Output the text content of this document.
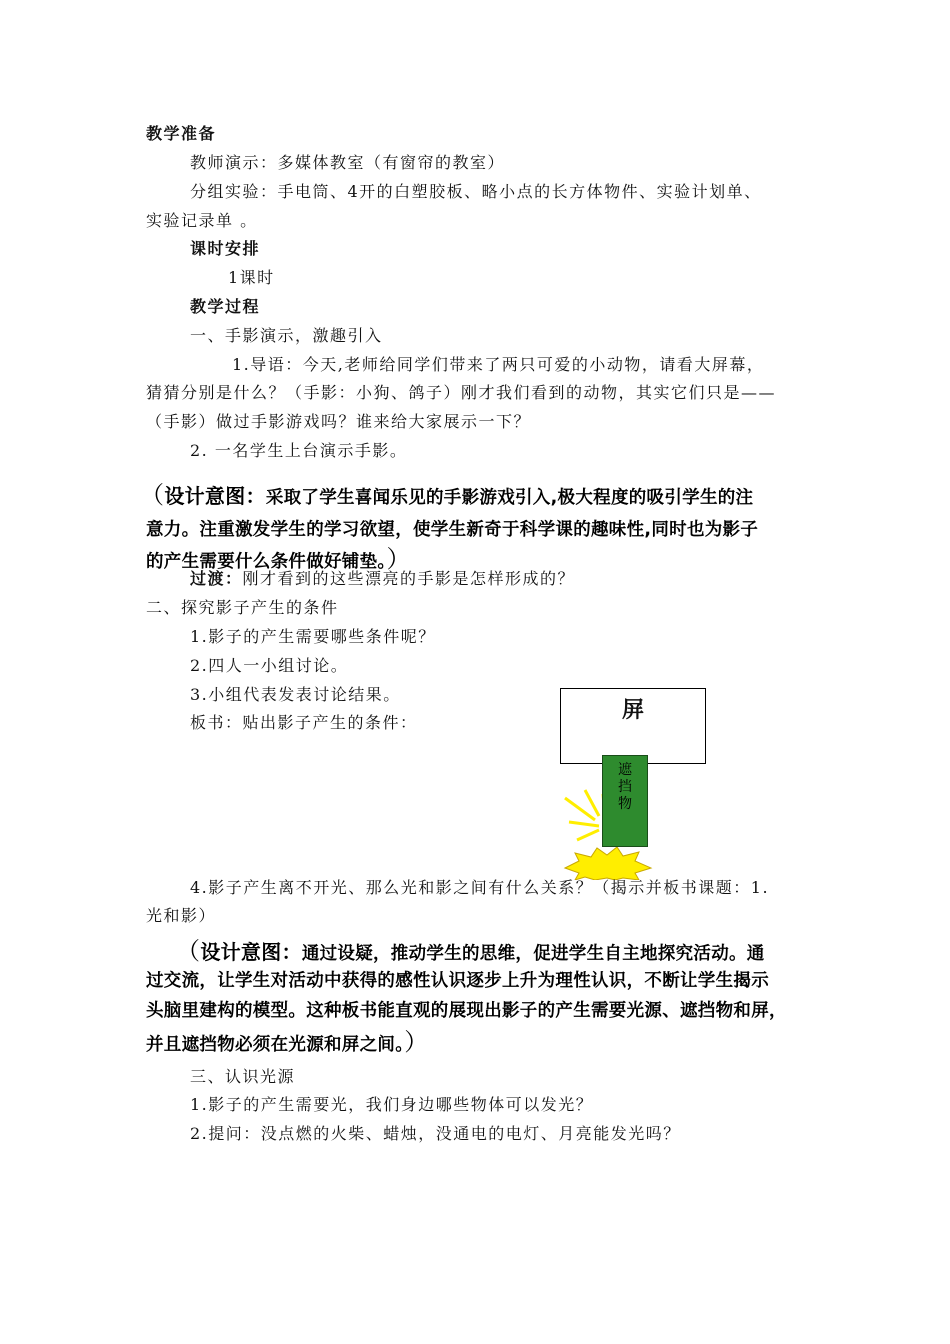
教学准备
教师演示：多媒体教室（有窗帘的教室）
分组实验：手电筒、4开的白塑胶板、略小点的长方体物件、实验计划单、
实验记录单 。
课时安排
1课时
教学过程
一、手影演示，激趣引入
1.导语：今天,老师给同学们带来了两只可爱的小动物，请看大屏幕，
猜猜分别是什么？（手影：小狗、鸽子）刚才我们看到的动物，其实它们只是——
（手影）做过手影游戏吗？谁来给大家展示一下？
2. 一名学生上台演示手影。
（设计意图：采取了学生喜闻乐见的手影游戏引入,极大程度的吸引学生的注
意力。注重激发学生的学习欲望，使学生新奇于科学课的趣味性,同时也为影子
的产生需要什么条件做好铺垫。）
过渡：刚才看到的这些漂亮的手影是怎样形成的？
二、探究影子产生的条件
1.影子的产生需要哪些条件呢？
2.四人一小组讨论。
3.小组代表发表讨论结果。
板书：贴出影子产生的条件：	屏
遮
挡
物
4.影子产生离不开光、那么光和影之间有什么关系？（揭示并板书课题：1.
光和影）
（设计意图：通过设疑，推动学生的思维，促进学生自主地探究活动。通
过交流，让学生对活动中获得的感性认识逐步上升为理性认识，不断让学生揭示
头脑里建构的模型。这种板书能直观的展现出影子的产生需要光源、遮挡物和屏，
并且遮挡物必须在光源和屏之间。）
三、认识光源
1.影子的产生需要光，我们身边哪些物体可以发光？
2.提问：没点燃的火柴、蜡烛，没通电的电灯、月亮能发光吗？
